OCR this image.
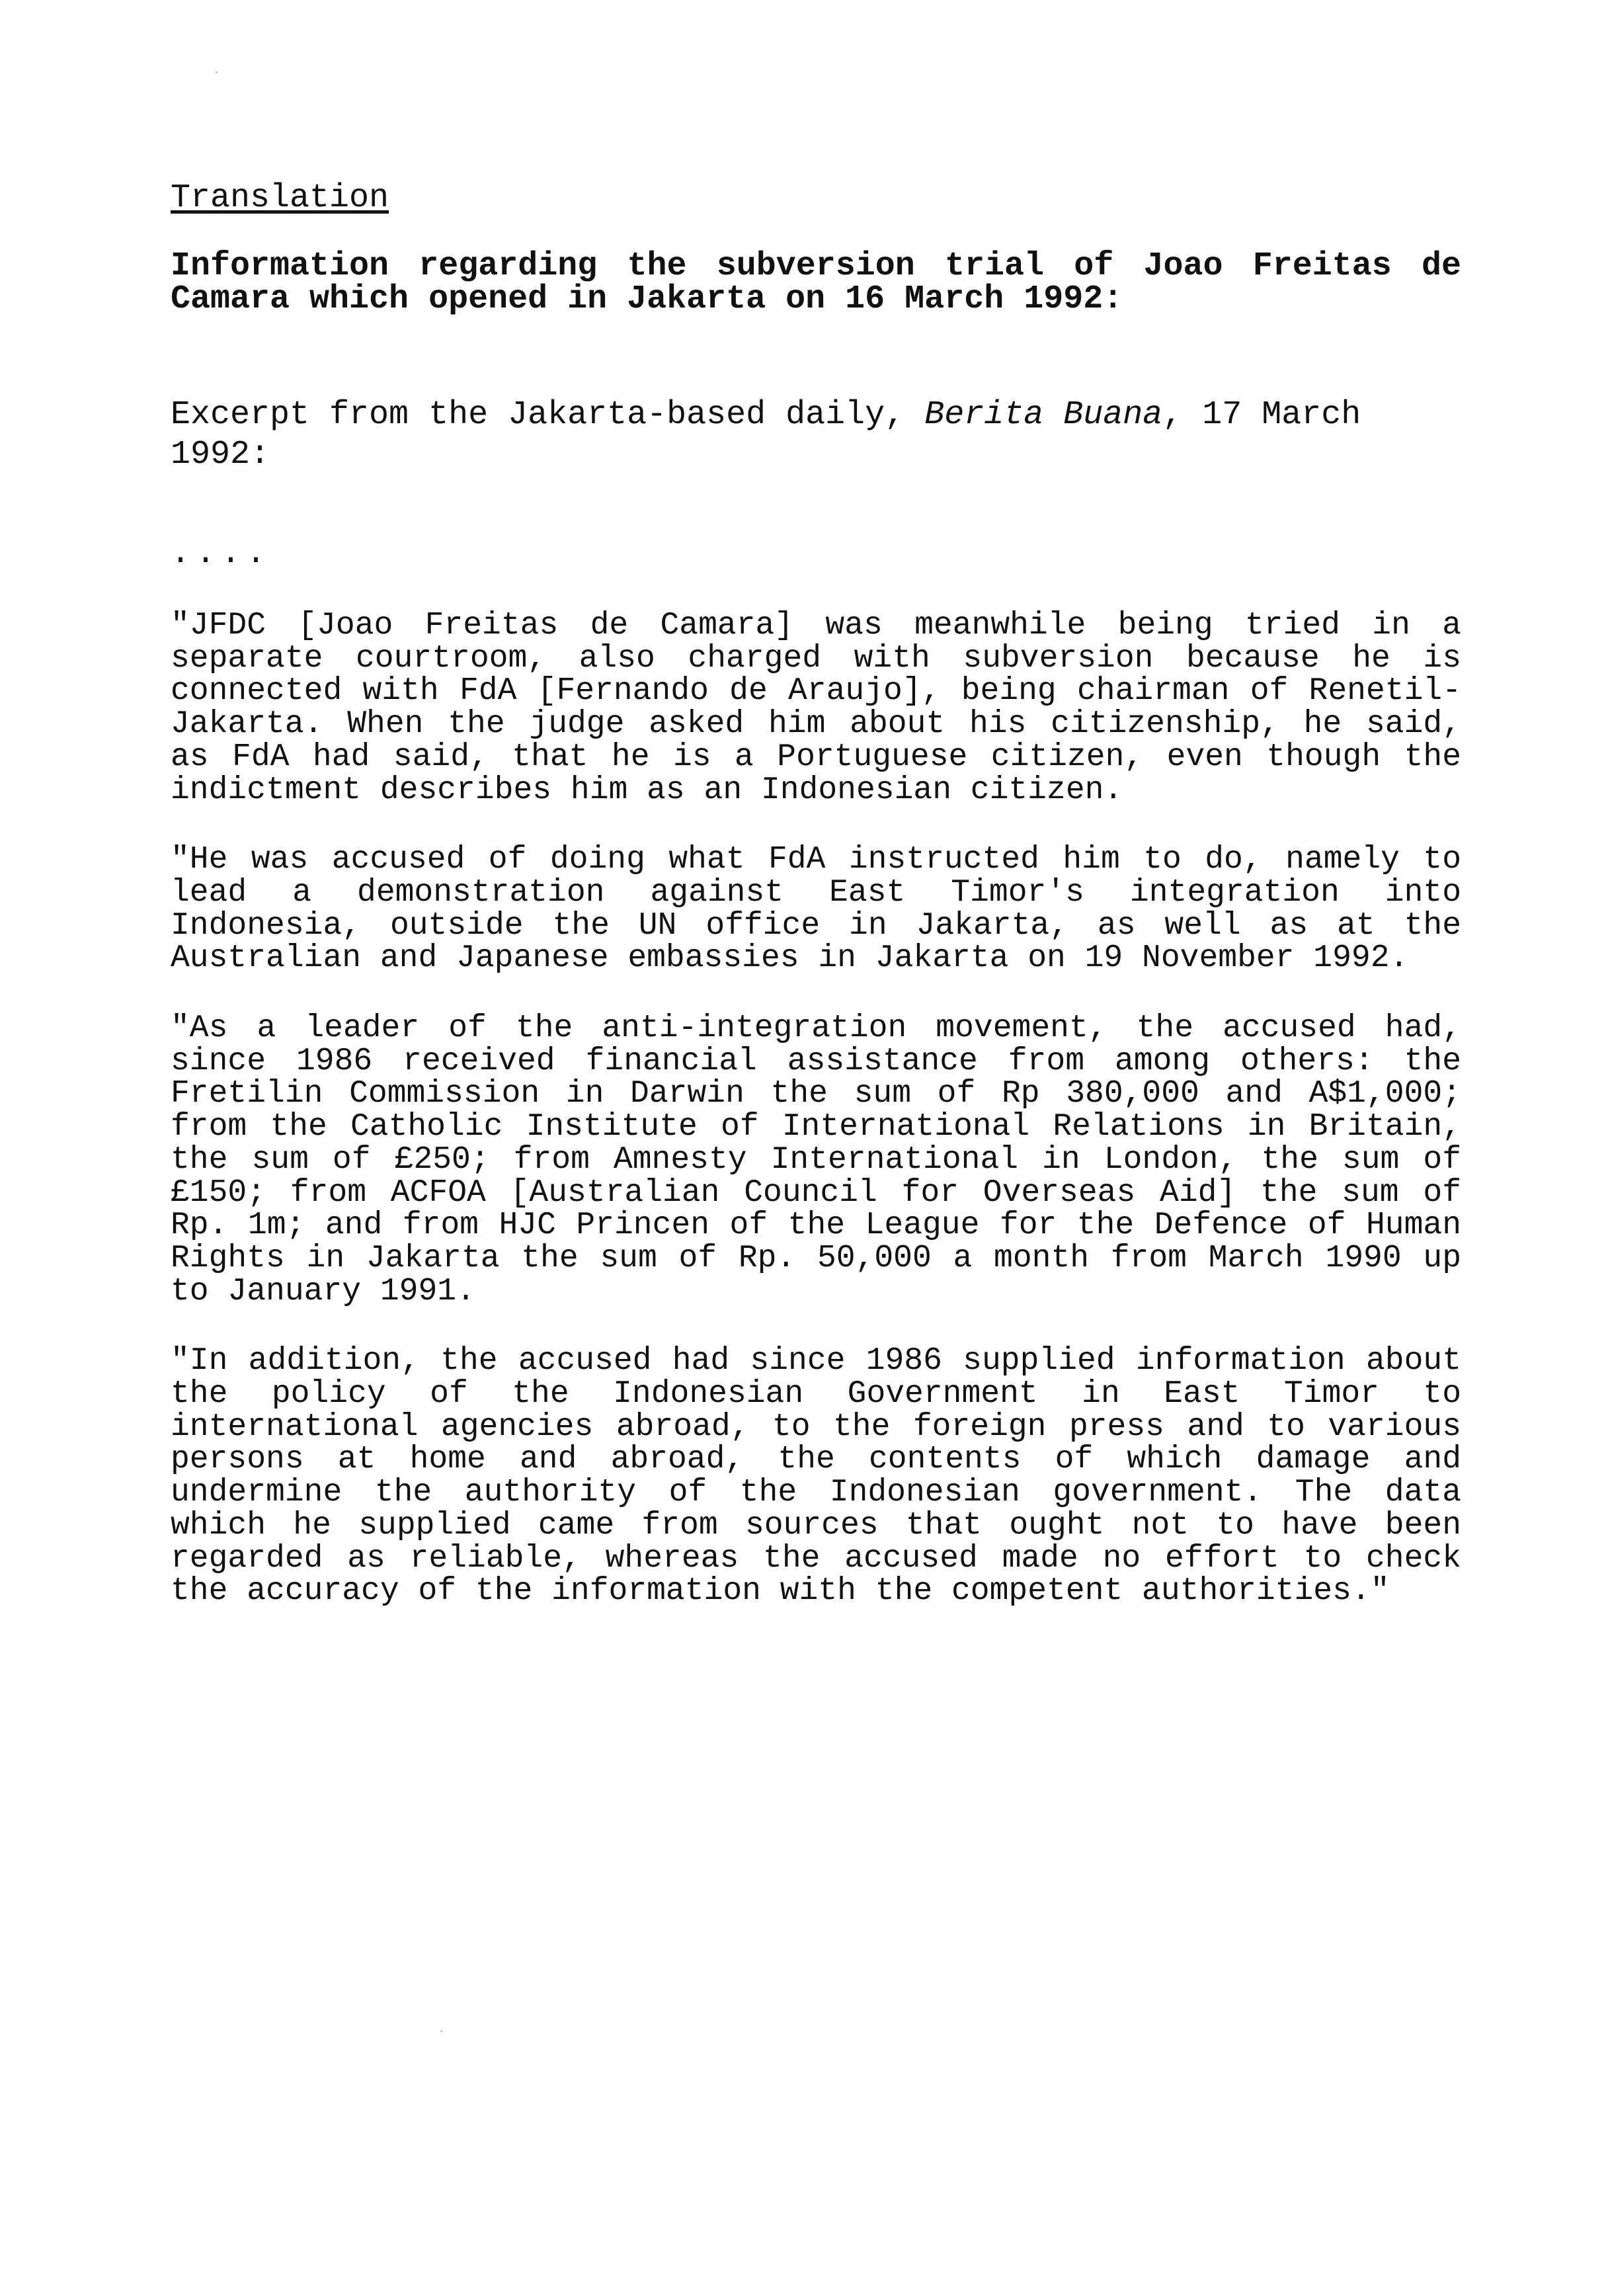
Translation

Information regarding the subversion trial of Joao Freitas de Camara which opened in Jakarta on 16 March 1992:

Excerpt from the Jakarta-based daily, Berita Buana, 17 March 1992:

....

"JFDC [Joao Freitas de Camara] was meanwhile being tried in a separate courtroom, also charged with subversion because he is connected with FdA [Fernando de Araujo], being chairman of Renetil-Jakarta. When the judge asked him about his citizenship, he said, as FdA had said, that he is a Portuguese citizen, even though the indictment describes him as an Indonesian citizen.

"He was accused of doing what FdA instructed him to do, namely to lead a demonstration against East Timor's integration into Indonesia, outside the UN office in Jakarta, as well as at the Australian and Japanese embassies in Jakarta on 19 November 1992.

"As a leader of the anti-integration movement, the accused had, since 1986 received financial assistance from among others: the Fretilin Commission in Darwin the sum of Rp 380,000 and A$1,000; from the Catholic Institute of International Relations in Britain, the sum of £250; from Amnesty International in London, the sum of £150; from ACFOA [Australian Council for Overseas Aid] the sum of Rp. 1m; and from HJC Princen of the League for the Defence of Human Rights in Jakarta the sum of Rp. 50,000 a month from March 1990 up to January 1991.

"In addition, the accused had since 1986 supplied information about the policy of the Indonesian Government in East Timor to international agencies abroad, to the foreign press and to various persons at home and abroad, the contents of which damage and undermine the authority of the Indonesian government. The data which he supplied came from sources that ought not to have been regarded as reliable, whereas the accused made no effort to check the accuracy of the information with the competent authorities."
